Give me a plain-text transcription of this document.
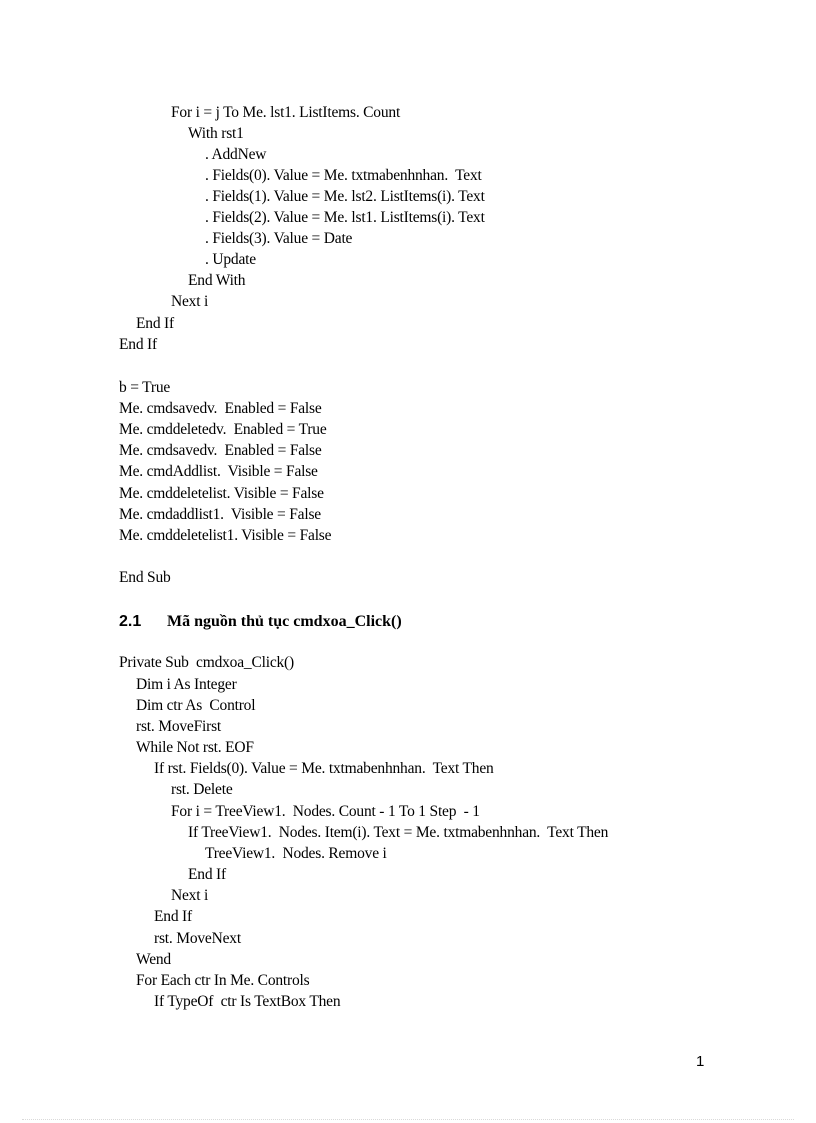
For i = j To Me. lst1. ListItems. Count
With rst1
. AddNew
. Fields(0). Value = Me. txtmabenhnhan.  Text
. Fields(1). Value = Me. lst2. ListItems(i). Text
. Fields(2). Value = Me. lst1. ListItems(i). Text
. Fields(3). Value = Date
. Update
End With
Next i
End If
End If
b = True
Me. cmdsavedv.  Enabled = False
Me. cmddeletedv.  Enabled = True
Me. cmdsavedv.  Enabled = False
Me. cmdAddlist.  Visible = False
Me. cmddeletelist. Visible = False
Me. cmdaddlist1.  Visible = False
Me. cmddeletelist1. Visible = False
End Sub
2.1 Mã nguồn thủ tục cmdxoa_Click()
Private Sub  cmdxoa_Click()
Dim i As Integer
Dim ctr As  Control
rst. MoveFirst
While Not rst. EOF
If rst. Fields(0). Value = Me. txtmabenhnhan.  Text Then
rst. Delete
For i = TreeView1.  Nodes. Count - 1 To 1 Step  - 1
If TreeView1.  Nodes. Item(i). Text = Me. txtmabenhnhan.  Text Then
TreeView1.  Nodes. Remove i
End If
Next i
End If
rst. MoveNext
Wend
For Each ctr In Me. Controls
If TypeOf  ctr Is TextBox Then
1
